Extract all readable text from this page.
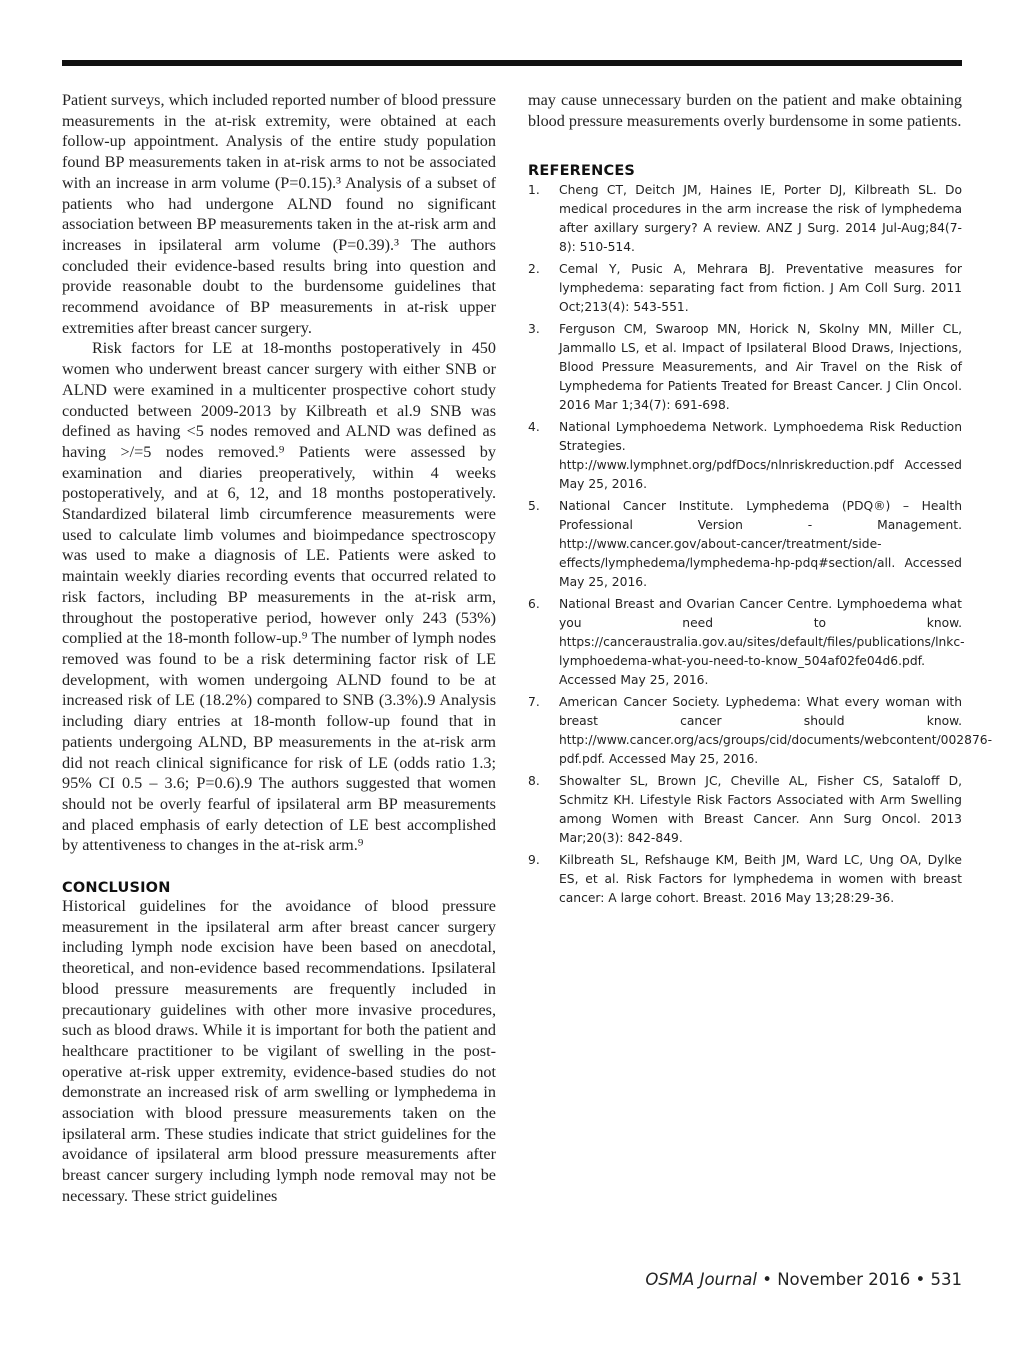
Patient surveys, which included reported number of blood pressure measurements in the at-risk extremity, were obtained at each follow-up appointment. Analysis of the entire study population found BP measurements taken in at-risk arms to not be associated with an increase in arm volume (P=0.15).³ Analysis of a subset of patients who had undergone ALND found no significant association between BP measurements taken in the at-risk arm and increases in ipsilateral arm volume (P=0.39).³ The authors concluded their evidence-based results bring into question and provide reasonable doubt to the burdensome guidelines that recommend avoidance of BP measurements in at-risk upper extremities after breast cancer surgery.

Risk factors for LE at 18-months postoperatively in 450 women who underwent breast cancer surgery with either SNB or ALND were examined in a multicenter prospective cohort study conducted between 2009-2013 by Kilbreath et al.9 SNB was defined as having <5 nodes removed and ALND was defined as having >/=5 nodes removed.⁹ Patients were assessed by examination and diaries preoperatively, within 4 weeks postoperatively, and at 6, 12, and 18 months postoperatively. Standardized bilateral limb circumference measurements were used to calculate limb volumes and bioimpedance spectroscopy was used to make a diagnosis of LE. Patients were asked to maintain weekly diaries recording events that occurred related to risk factors, including BP measurements in the at-risk arm, throughout the postoperative period, however only 243 (53%) complied at the 18-month follow-up.⁹ The number of lymph nodes removed was found to be a risk determining factor risk of LE development, with women undergoing ALND found to be at increased risk of LE (18.2%) compared to SNB (3.3%).9 Analysis including diary entries at 18-month follow-up found that in patients undergoing ALND, BP measurements in the at-risk arm did not reach clinical significance for risk of LE (odds ratio 1.3; 95% CI 0.5 – 3.6; P=0.6).9 The authors suggested that women should not be overly fearful of ipsilateral arm BP measurements and placed emphasis of early detection of LE best accomplished by attentiveness to changes in the at-risk arm.⁹

CONCLUSION

Historical guidelines for the avoidance of blood pressure measurement in the ipsilateral arm after breast cancer surgery including lymph node excision have been based on anecdotal, theoretical, and non-evidence based recommendations. Ipsilateral blood pressure measurements are frequently included in precautionary guidelines with other more invasive procedures, such as blood draws. While it is important for both the patient and healthcare practitioner to be vigilant of swelling in the post-operative at-risk upper extremity, evidence-based studies do not demonstrate an increased risk of arm swelling or lymphedema in association with blood pressure measurements taken on the ipsilateral arm. These studies indicate that strict guidelines for the avoidance of ipsilateral arm blood pressure measurements after breast cancer surgery including lymph node removal may not be necessary. These strict guidelines

may cause unnecessary burden on the patient and make obtaining blood pressure measurements overly burdensome in some patients.

REFERENCES
1. Cheng CT, Deitch JM, Haines IE, Porter DJ, Kilbreath SL. Do medical procedures in the arm increase the risk of lymphedema after axillary surgery? A review. ANZ J Surg. 2014 Jul-Aug;84(7-8): 510-514.
2. Cemal Y, Pusic A, Mehrara BJ. Preventative measures for lymphedema: separating fact from fiction. J Am Coll Surg. 2011 Oct;213(4): 543-551.
3. Ferguson CM, Swaroop MN, Horick N, Skolny MN, Miller CL, Jammallo LS, et al. Impact of Ipsilateral Blood Draws, Injections, Blood Pressure Measurements, and Air Travel on the Risk of Lymphedema for Patients Treated for Breast Cancer. J Clin Oncol. 2016 Mar 1;34(7): 691-698.
4. National Lymphoedema Network. Lymphoedema Risk Reduction Strategies. http://www.lymphnet.org/pdfDocs/nlnriskreduction.pdf Accessed May 25, 2016.
5. National Cancer Institute. Lymphedema (PDQ®) – Health Professional Version - Management. http://www.cancer.gov/about-cancer/treatment/side-effects/lymphedema/lymphedema-hp-pdq#section/all. Accessed May 25, 2016.
6. National Breast and Ovarian Cancer Centre. Lymphoedema what you need to know. https://canceraustralia.gov.au/sites/default/files/publications/lnkc-lymphoedema-what-you-need-to-know_504af02fe04d6.pdf. Accessed May 25, 2016.
7. American Cancer Society. Lyphedema: What every woman with breast cancer should know. http://www.cancer.org/acs/groups/cid/documents/webcontent/002876-pdf.pdf. Accessed May 25, 2016.
8. Showalter SL, Brown JC, Cheville AL, Fisher CS, Sataloff D, Schmitz KH. Lifestyle Risk Factors Associated with Arm Swelling among Women with Breast Cancer. Ann Surg Oncol. 2013 Mar;20(3): 842-849.
9. Kilbreath SL, Refshauge KM, Beith JM, Ward LC, Ung OA, Dylke ES, et al. Risk Factors for lymphedema in women with breast cancer: A large cohort. Breast. 2016 May 13;28:29-36.
OSMA Journal • November 2016 • 531
